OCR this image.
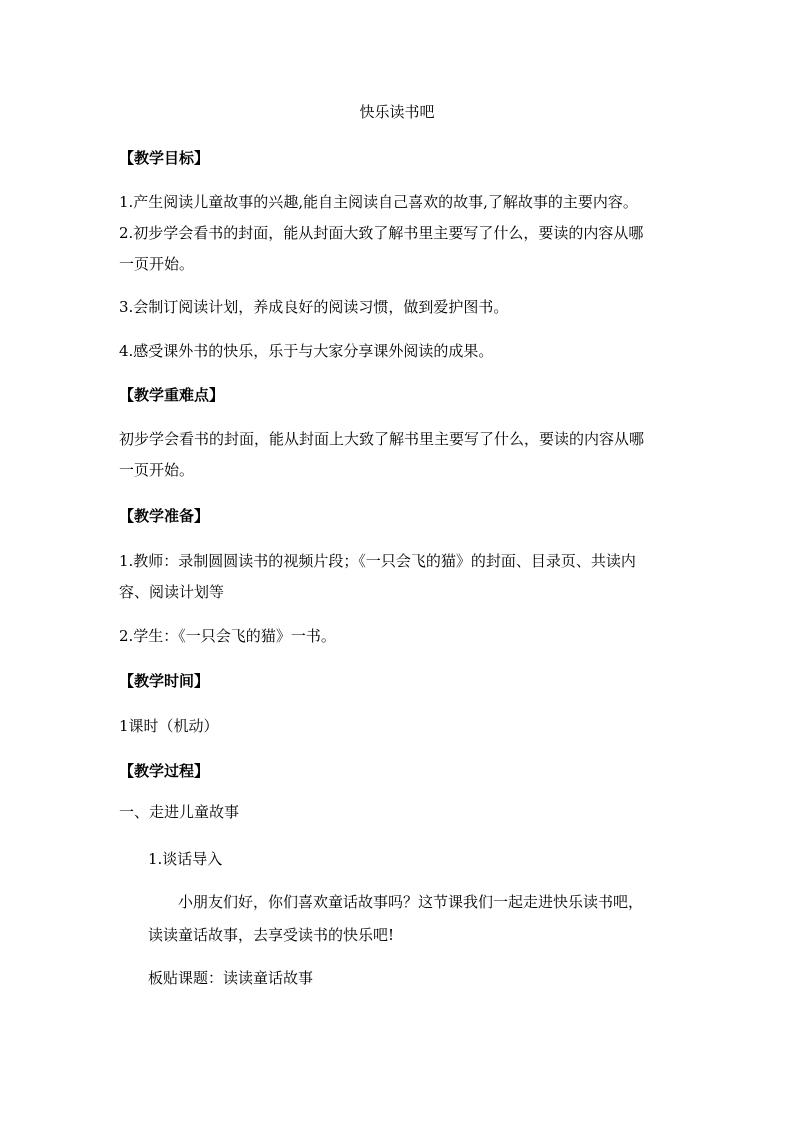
快乐读书吧
【教学目标】
1.产生阅读儿童故事的兴趣,能自主阅读自己喜欢的故事,了解故事的主要内容。
2.初步学会看书的封面，能从封面大致了解书里主要写了什么，要读的内容从哪
一页开始。
3.会制订阅读计划，养成良好的阅读习惯，做到爱护图书。
4.感受课外书的快乐，乐于与大家分享课外阅读的成果。
【教学重难点】
初步学会看书的封面，能从封面上大致了解书里主要写了什么，要读的内容从哪
一页开始。
【教学准备】
1.教师：录制圆圆读书的视频片段；《一只会飞的猫》的封面、目录页、共读内
容、阅读计划等
2.学生：《一只会飞的猫》一书。
【教学时间】
1课时（机动）
【教学过程】
一、走进儿童故事
1.谈话导入
小朋友们好，你们喜欢童话故事吗？这节课我们一起走进快乐读书吧，
读读童话故事，去享受读书的快乐吧!
板贴课题：读读童话故事
